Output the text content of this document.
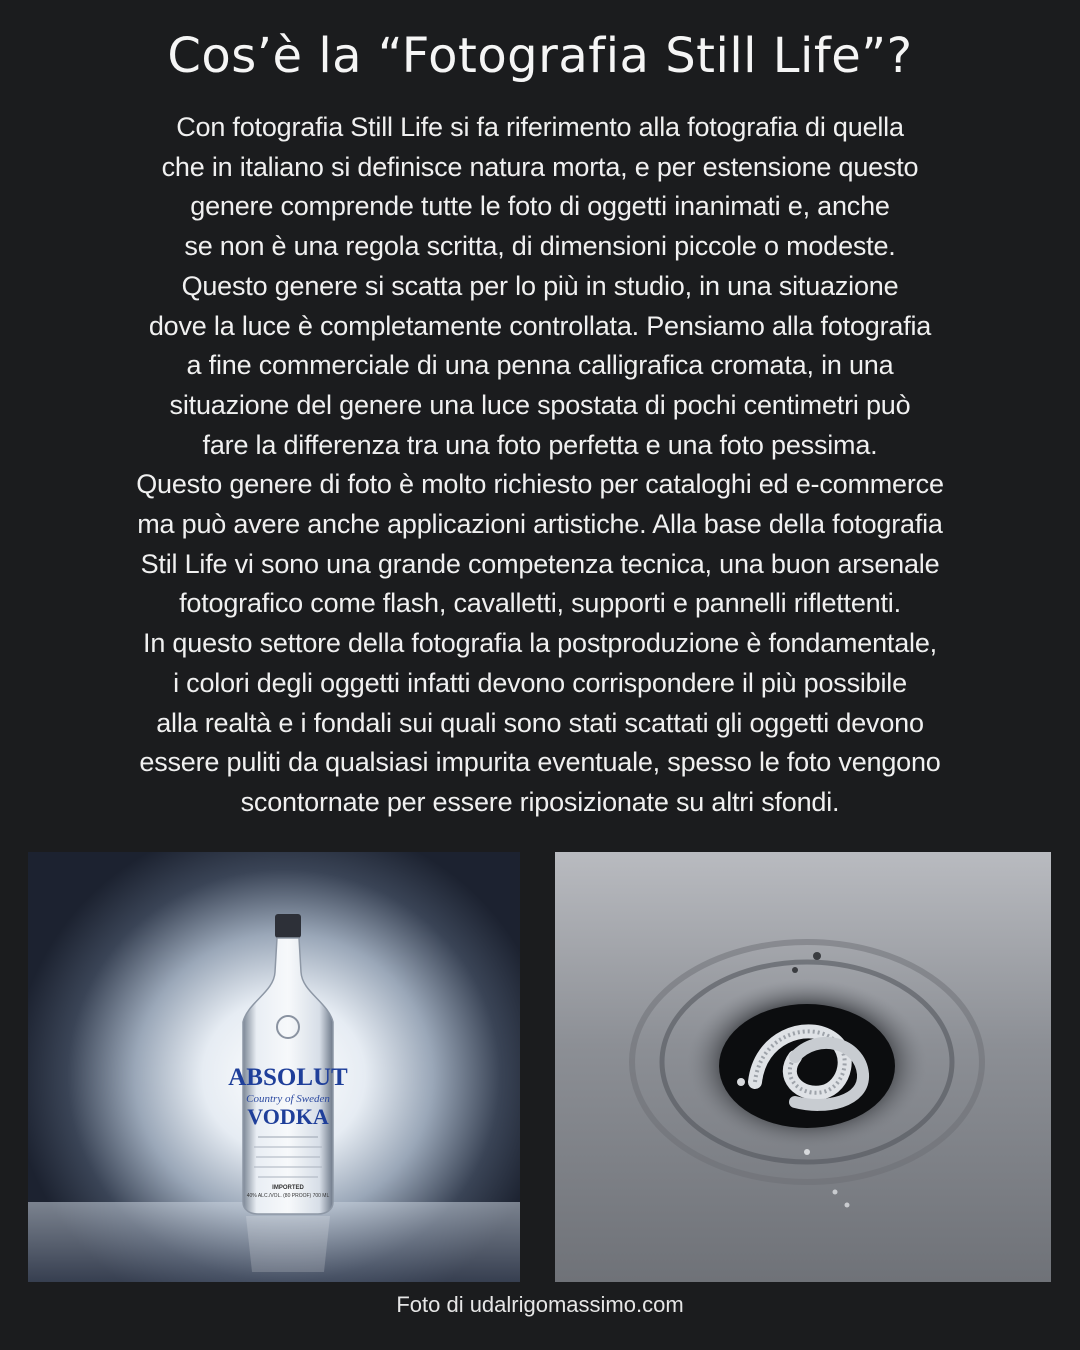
Cos’è la “Fotografia Still Life”?
Con fotografia Still Life si fa riferimento alla fotografia di quella
che in italiano si definisce natura morta, e per estensione questo
genere comprende tutte le foto di oggetti inanimati e, anche
se non è una regola scritta, di dimensioni piccole o modeste.
Questo genere si scatta per lo più in studio, in una situazione
dove la luce è completamente controllata. Pensiamo alla fotografia
a fine commerciale di una penna calligrafica cromata, in una
situazione del genere una luce spostata di pochi centimetri può
fare la differenza tra una foto perfetta e una foto pessima.
Questo genere di foto è molto richiesto per cataloghi ed e-commerce
ma può avere anche applicazioni artistiche. Alla base della fotografia
Stil Life vi sono una grande competenza tecnica, una buon arsenale
fotografico come flash, cavalletti, supporti e pannelli riflettenti.
In questo settore della fotografia la postproduzione è fondamentale,
i colori degli oggetti infatti devono corrispondere il più possibile
alla realtà e i fondali sui quali sono stati scattati gli oggetti devono
essere puliti da qualsiasi impurita eventuale, spesso le foto vengono
scontornate per essere riposizionate su altri sfondi.
ABSOLUT
Country of Sweden
VODKA
IMPORTED
40% ALC./VOL. (80 PROOF) 700 ML
Foto di udalrigomassimo.com
